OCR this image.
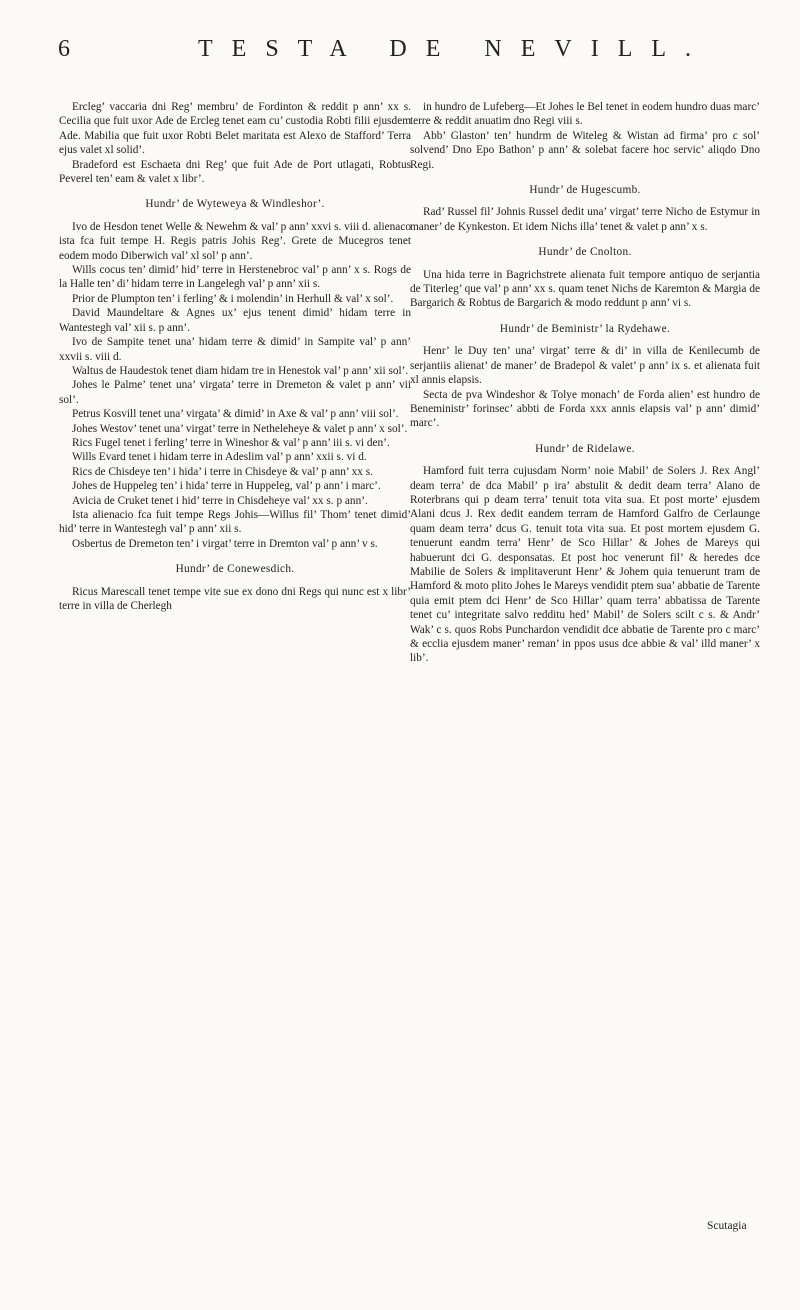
6	TESTA DE NEVILL.

Ercleg’ vaccaria dni Reg’ membru’ de Fordinton & reddit p ann’ xx s. Cecilia que fuit uxor Ade de Ercleg tenet eam cu’ custodia Robti filii ejusdem Ade. Mabilia que fuit uxor Robti Belet maritata est Alexo de Stafford’ Terra ejus valet xl solid’.

Bradeford est Eschaeta dni Reg’ que fuit Ade de Port utlagati, Robtus Peverel ten’ eam & valet x libr’.

Hundr’ de Wyteweya & Windleshor’.

Ivo de Hesdon tenet Welle & Newehm & val’ p ann’ xxvi s. viii d. alienaco ista fca fuit tempe H. Regis patris Johis Reg’. Grete de Mucegros tenet eodem modo Diberwich val’ xl sol’ p ann’.

Wills cocus ten’ dimid’ hid’ terre in Herstenebroc val’ p ann’ x s. Rogs de la Halle ten’ di’ hidam terre in Langelegh val’ p ann’ xii s.

Prior de Plumpton ten’ i ferling’ & i molendin’ in Herhull & val’ x sol’.

David Maundeltare & Agnes ux’ ejus tenent dimid’ hidam terre in Wantestegh val’ xii s. p ann’.

Ivo de Sampite tenet una’ hidam terre & dimid’ in Sampite val’ p ann’ xxvii s. viii d.

Waltus de Haudestok tenet diam hidam tre in Henestok val’ p ann’ xii sol’.

Johes le Palme’ tenet una’ virgata’ terre in Dremeton & valet p ann’ vii sol’.

Petrus Kosvill tenet una’ virgata’ & dimid’ in Axe & val’ p ann’ viii sol’.

Johes Westov’ tenet una’ virgat’ terre in Netheleheye & valet p ann’ x sol’.

Rics Fugel tenet i ferling’ terre in Wineshor & val’ p ann’ iii s. vi den’.

Wills Evard tenet i hidam terre in Adeslim val’ p ann’ xxii s. vi d.

Rics de Chisdeye ten’ i hida’ i terre in Chisdeye & val’ p ann’ xx s.

Johes de Huppeleg ten’ i hida’ terre in Huppeleg, val’ p ann’ i marc’.

Avicia de Cruket tenet i hid’ terre in Chisdeheye val’ xx s. p ann’.

Ista alienacio fca fuit tempe Regs Johis—Willus fil’ Thom’ tenet dimid’ hid’ terre in Wantestegh val’ p ann’ xii s.

Osbertus de Dremeton ten’ i virgat’ terre in Dremton val’ p ann’ v s.

Hundr’ de Conewesdich.

Ricus Marescall tenet tempe vite sue ex dono dni Regs qui nunc est x libr’ terre in villa de Cherlegh

in hundro de Lufeberg—Et Johes le Bel tenet in eodem hundro duas marc’ terre & reddit anuatim dno Regi viii s.

Abb’ Glaston’ ten’ hundrm de Witeleg & Wistan ad firma’ pro c sol’ solvend’ Dno Epo Bathon’ p ann’ & solebat facere hoc servic’ aliqdo Dno Regi.

Hundr’ de Hugescumb.

Rad’ Russel fil’ Johnis Russel dedit una’ virgat’ terre Nicho de Estymur in maner’ de Kynkeston. Et idem Nichs illa’ tenet & valet p ann’ x s.

Hundr’ de Cnolton.

Una hida terre in Bagrichstrete alienata fuit tempore antiquo de serjantia de Titerleg’ que val’ p ann’ xx s. quam tenet Nichs de Karemton & Margia de Bargarich & Robtus de Bargarich & modo reddunt p ann’ vi s.

Hundr’ de Beministr’ la Rydehawe.

Henr’ le Duy ten’ una’ virgat’ terre & di’ in villa de Kenilecumb de serjantiis alienat’ de maner’ de Bradepol & valet’ p ann’ ix s. et alienata fuit xl annis elapsis.

Secta de pva Windeshor & Tolye monach’ de Forda alien’ est hundro de Beneministr’ forinsec’ abbti de Forda xxx annis elapsis val’ p ann’ dimid’ marc’.

Hundr’ de Ridelawe.

Hamford fuit terra cujusdam Norm’ noie Mabil’ de Solers J. Rex Angl’ deam terra’ de dca Mabil’ p ira’ abstulit & dedit deam terra’ Alano de Roterbrans qui p deam terra’ tenuit tota vita sua. Et post morte’ ejusdem Alani dcus J. Rex dedit eandem terram de Hamford Galfro de Cerlaunge quam deam terra’ dcus G. tenuit tota vita sua. Et post mortem ejusdem G. tenuerunt eandm terra’ Henr’ de Sco Hillar’ & Johes de Mareys qui habuerunt dci G. desponsatas. Et post hoc venerunt fil’ & heredes dce Mabilie de Solers & implitaverunt Henr’ & Johem quia tenuerunt tram de Hamford & moto plito Johes le Mareys vendidit ptem sua’ abbatie de Tarente quia emit ptem dci Henr’ de Sco Hillar’ quam terra’ abbatissa de Tarente tenet cu’ integritate salvo redditu hed’ Mabil’ de Solers scilt c s. & Andr’ Wak’ c s. quos Robs Punchardon vendidit dce abbatie de Tarente pro c marc’ & ecclia ejusdem maner’ reman’ in ppos usus dce abbie & val’ illd maner’ x lib’.

Scutagia
